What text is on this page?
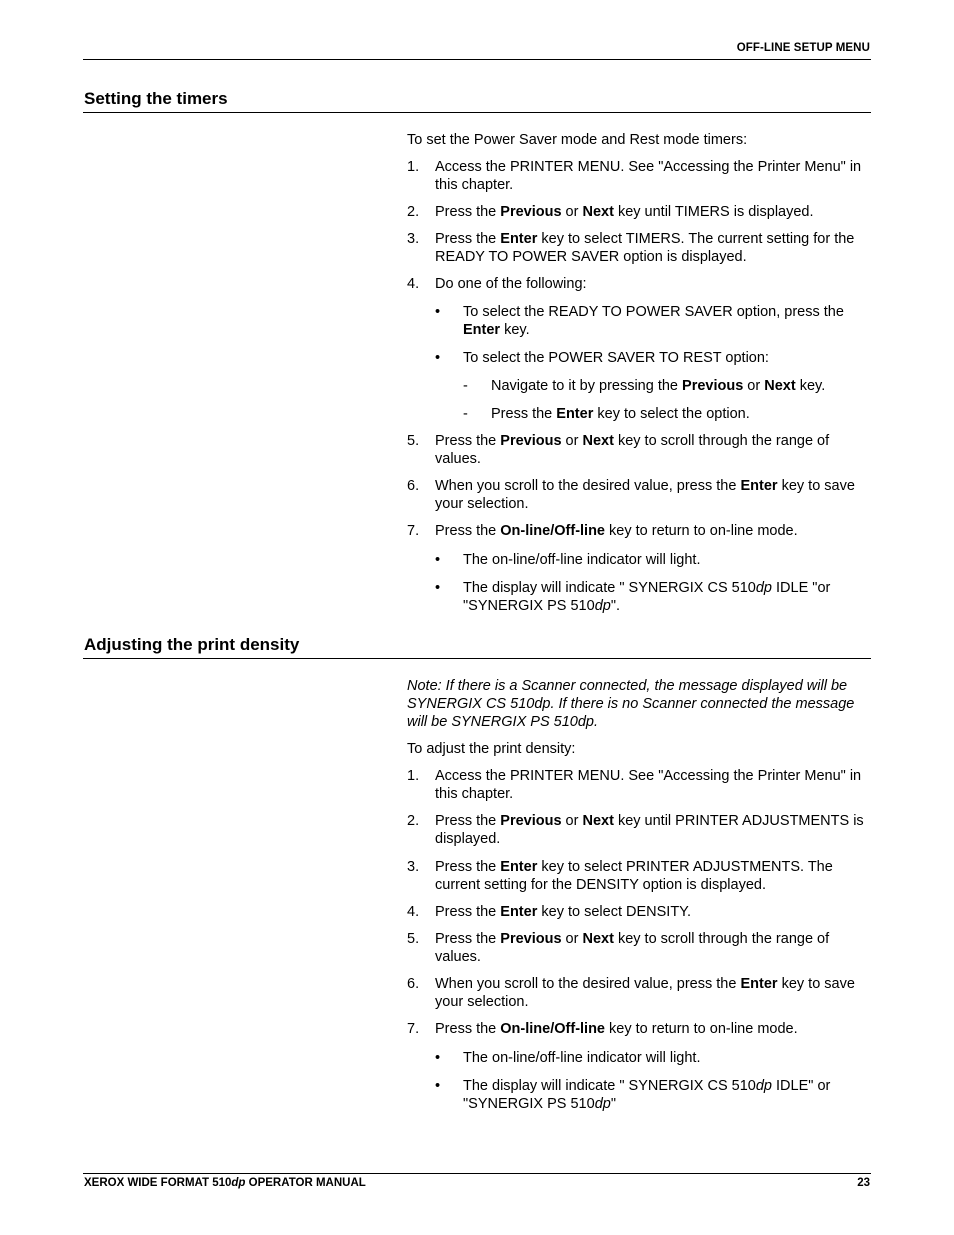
OFF-LINE SETUP MENU
Setting the timers

To set the Power Saver mode and Rest mode timers:

1.	Access the PRINTER MENU. See "Accessing the Printer Menu" in this chapter.
2.	Press the Previous or Next key until TIMERS is displayed.
3.	Press the Enter key to select TIMERS. The current setting for the READY TO POWER SAVER option is displayed.
4.	Do one of the following:
•	To select the READY TO POWER SAVER option, press the Enter key.
•	To select the POWER SAVER TO REST option:
-	Navigate to it by pressing the Previous or Next key.
-	Press the Enter key to select the option.
5.	Press the Previous or Next key to scroll through the range of values.
6.	When you scroll to the desired value, press the Enter key to save your selection.
7.	Press the On-line/Off-line key to return to on-line mode.
•	The on-line/off-line indicator will light.
•	The display will indicate " SYNERGIX CS 510dp IDLE "or "SYNERGIX PS 510dp".
Adjusting the print density

Note: If there is a Scanner connected, the message displayed will be SYNERGIX CS 510dp. If there is no Scanner connected the message will be SYNERGIX PS 510dp.

To adjust the print density:

1.	Access the PRINTER MENU. See "Accessing the Printer Menu" in this chapter.
2.	Press the Previous or Next key until PRINTER ADJUSTMENTS is displayed.
3.	Press the Enter key to select PRINTER ADJUSTMENTS. The current setting for the DENSITY option is displayed.
4.	Press the Enter key to select DENSITY.
5.	Press the Previous or Next key to scroll through the range of values.
6.	When you scroll to the desired value, press the Enter key to save your selection.
7.	Press the On-line/Off-line key to return to on-line mode.
•	The on-line/off-line indicator will light.
•	The display will indicate " SYNERGIX CS 510dp IDLE" or "SYNERGIX PS 510dp"
XEROX WIDE FORMAT 510dp OPERATOR MANUAL	23
